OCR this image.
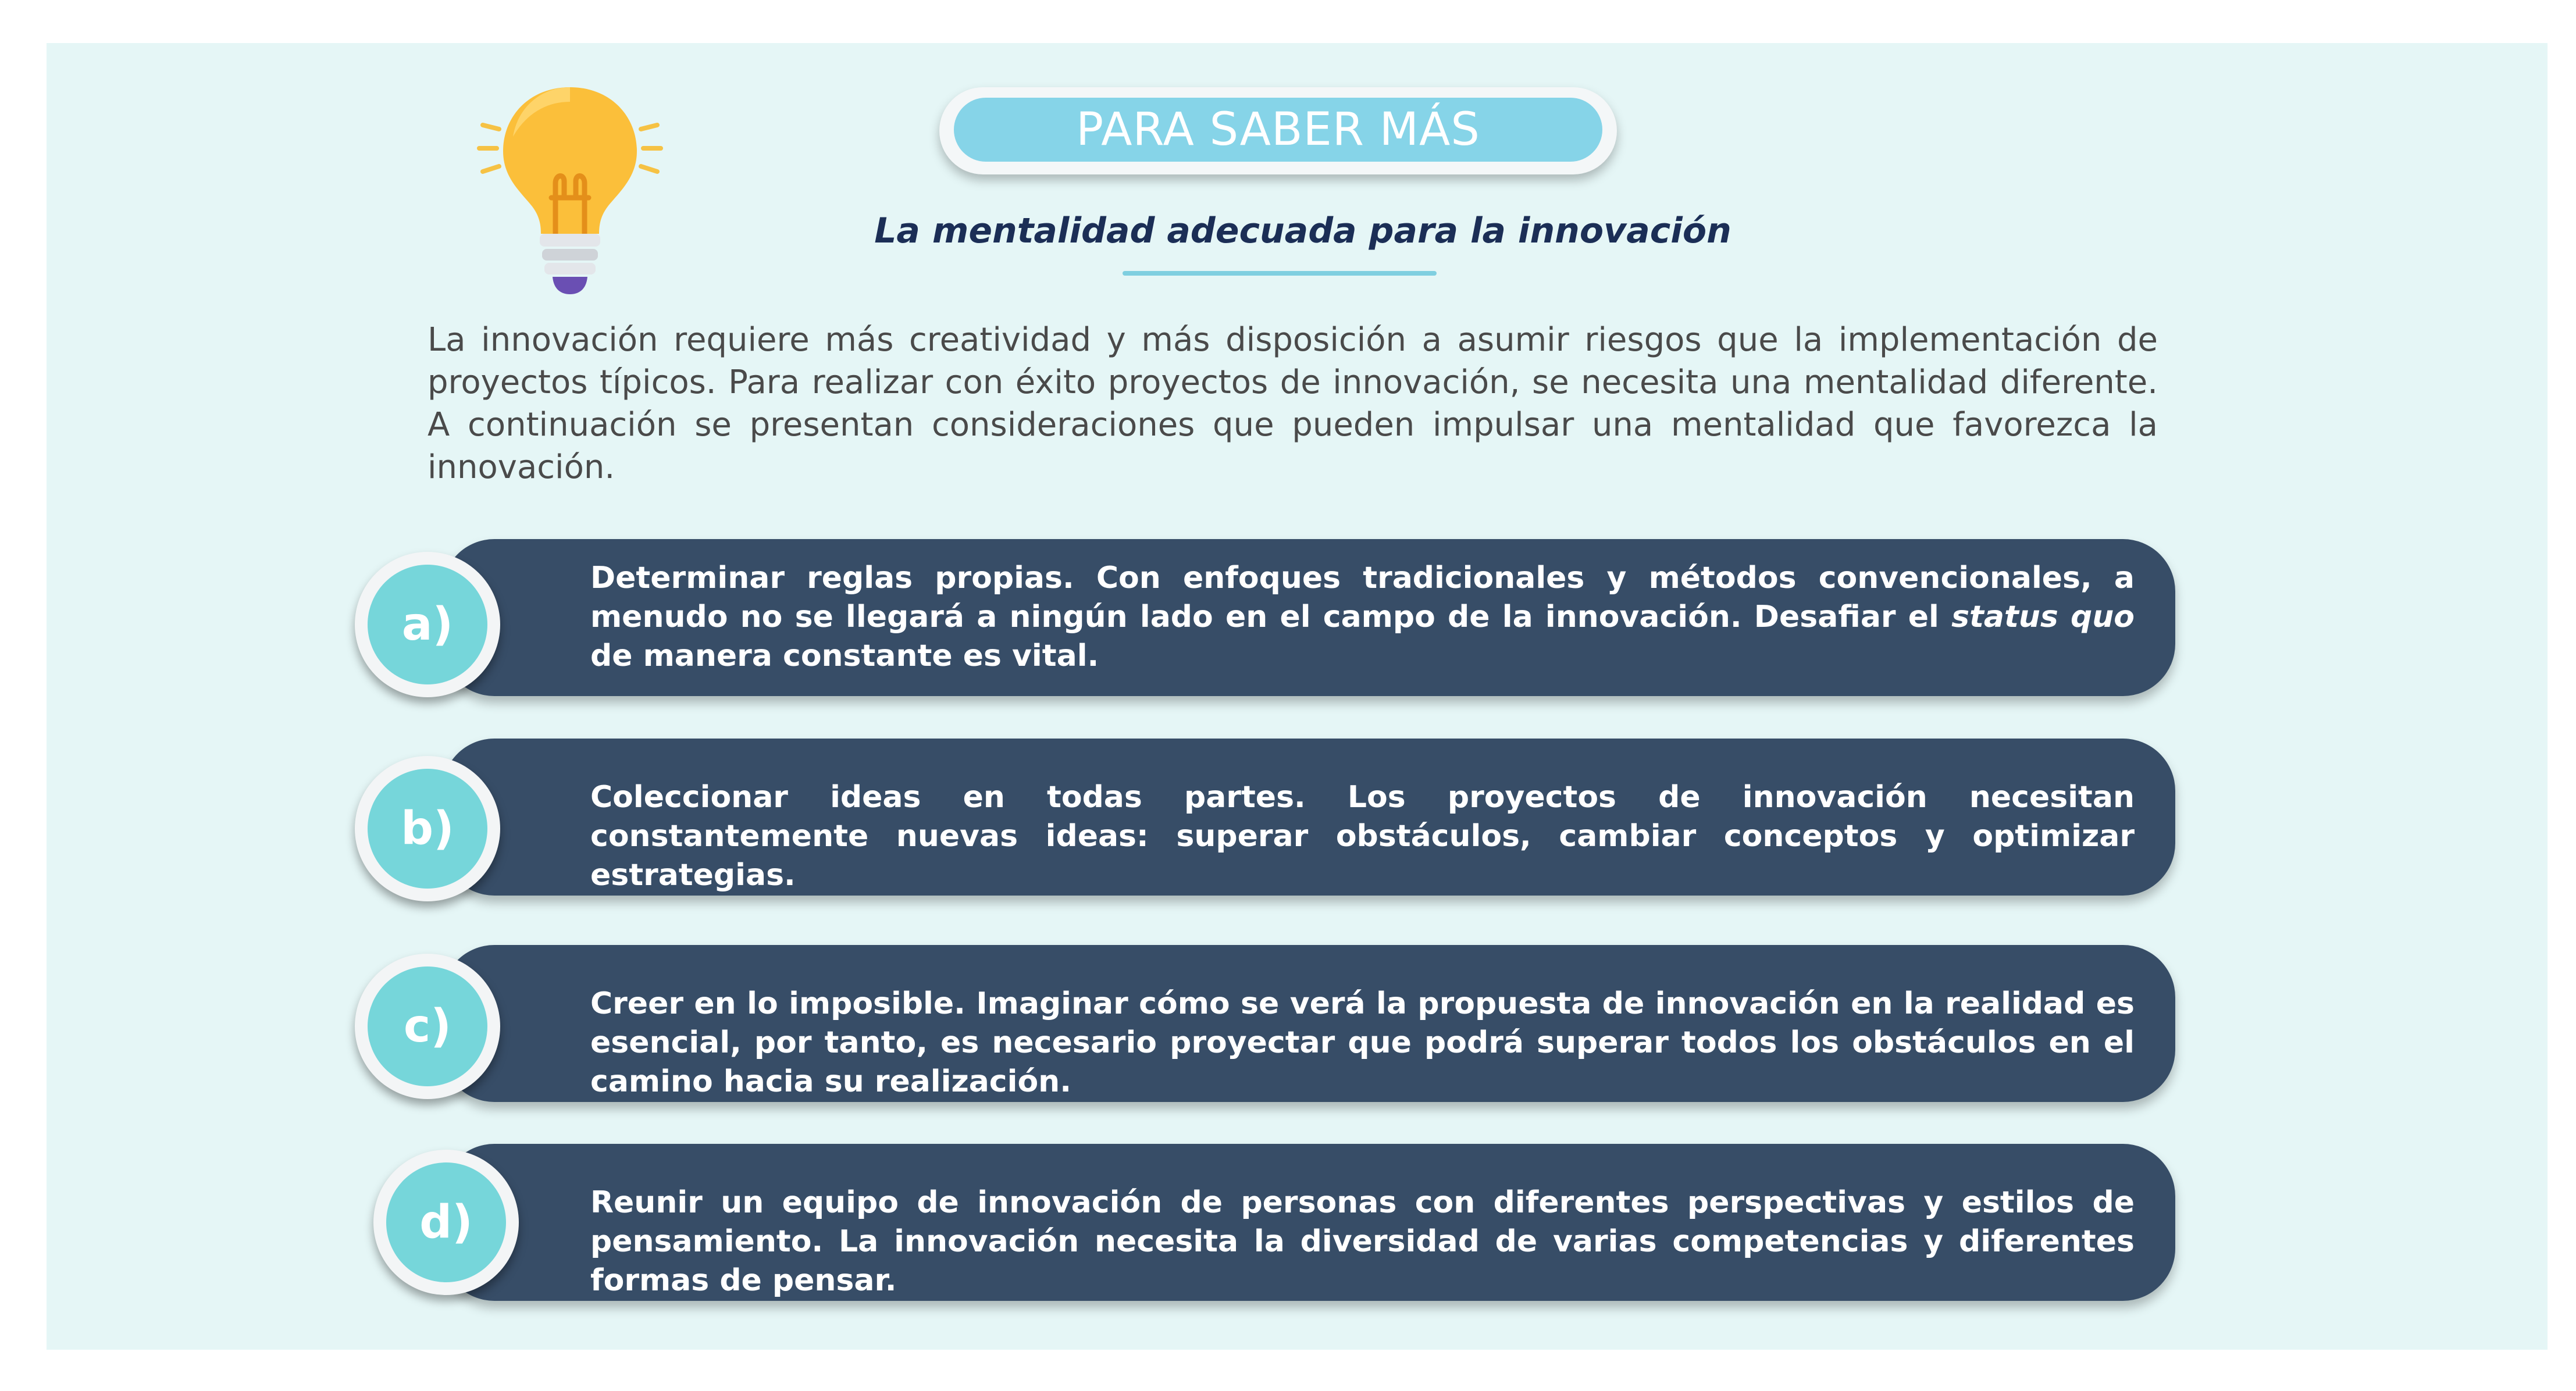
PARA SABER MÁS
La mentalidad adecuada para la innovación

La innovación requiere más creatividad y más disposición a asumir riesgos que la implementación de proyectos típicos. Para realizar con éxito proyectos de innovación, se necesita una mentalidad diferente. A continuación se presentan consideraciones que pueden impulsar una mentalidad que favorezca la innovación.

Determinar reglas propias. Con enfoques tradicionales y métodos convencionales, a menudo no se llegará a ningún lado en el campo de la innovación. Desafiar el status quo de manera constante es vital.
a)
Coleccionar ideas en todas partes. Los proyectos de innovación necesitan constantemente nuevas ideas: superar obstáculos, cambiar conceptos y optimizar estrategias.
b)
Creer en lo imposible. Imaginar cómo se verá la propuesta de innovación en la realidad es esencial, por tanto, es necesario proyectar que podrá superar todos los obstáculos en el camino hacia su realización.
c)
Reunir un equipo de innovación de personas con diferentes perspectivas y estilos de pensamiento. La innovación necesita la diversidad de varias competencias y diferentes formas de pensar.
d)
